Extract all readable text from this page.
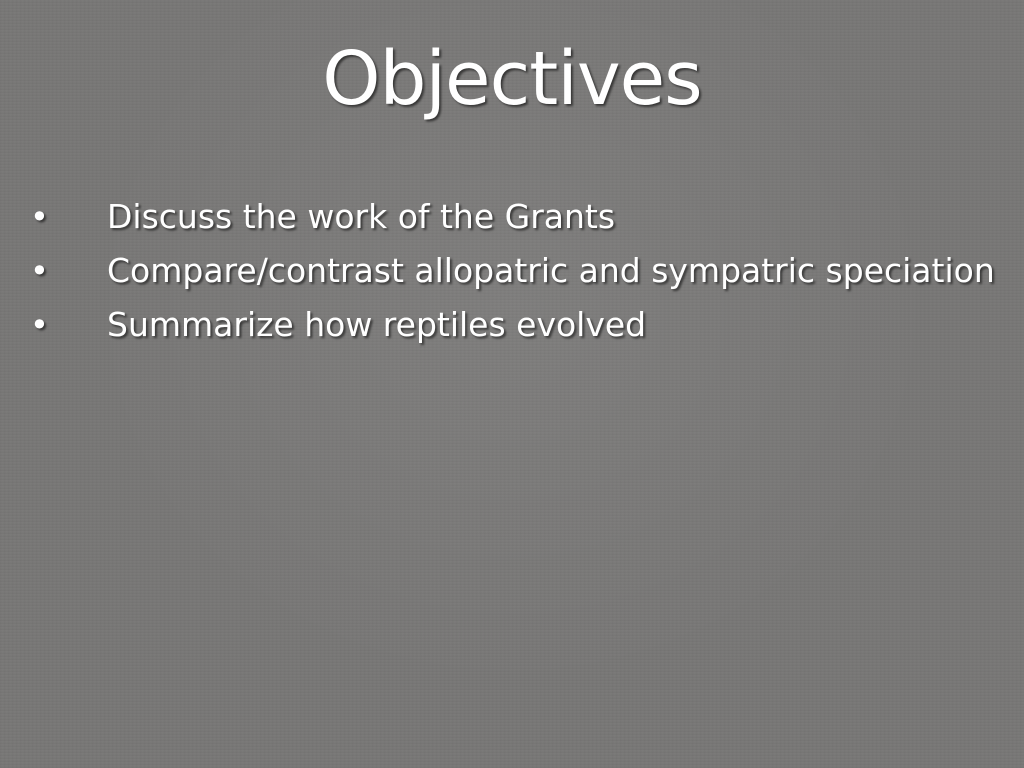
Objectives
•	Discuss the work of the Grants
•	Compare/contrast allopatric and sympatric speciation
•	Summarize how reptiles evolved
